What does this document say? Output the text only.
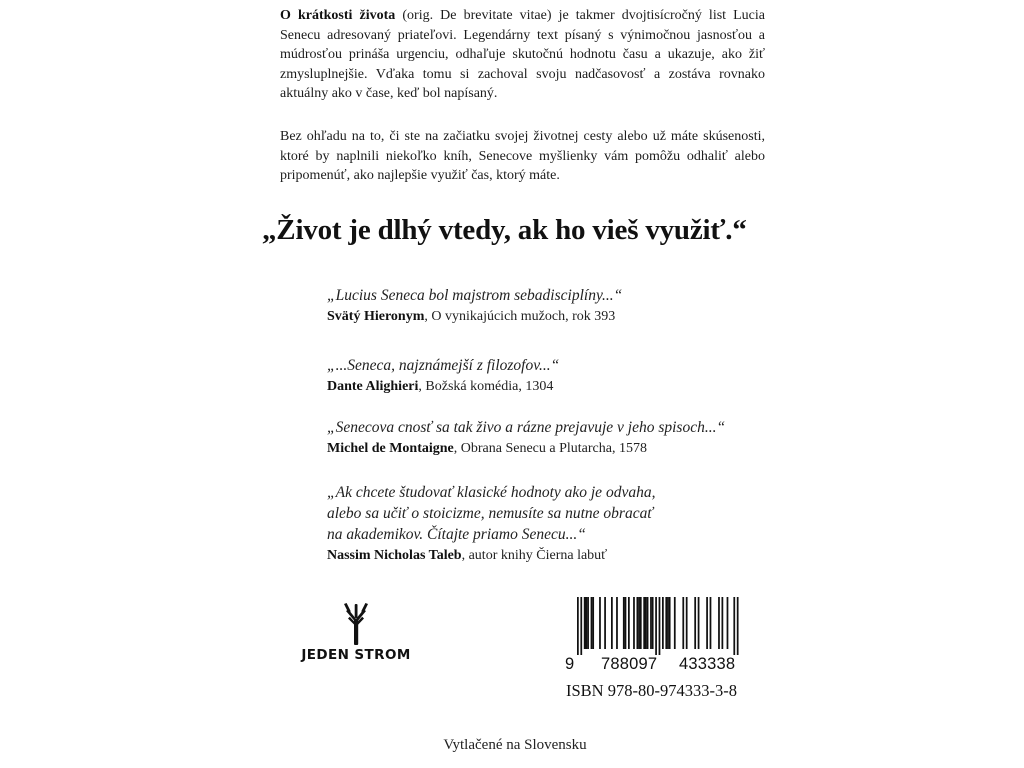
O krátkosti života (orig. De brevitate vitae) je takmer dvojtisícročný list Lucia Senecu adresovaný priateľovi. Legendárny text písaný s výnimočnou jasnosťou a múdrosťou prináša urgenciu, odhaľuje skutočnú hodnotu času a ukazuje, ako žiť zmysluplnejšie. Vďaka tomu si zachoval svoju nadčasovosť a zostáva rovnako aktuálny ako v čase, keď bol napísaný.

Bez ohľadu na to, či ste na začiatku svojej životnej cesty alebo už máte skúsenosti, ktoré by naplnili niekoľko kníh, Senecove myšlienky vám pomôžu odhaliť alebo pripomenúť, ako najlepšie využiť čas, ktorý máte.

„Život je dlhý vtedy, ak ho vieš využiť.“

„Lucius Seneca bol majstrom sebadisciplíny...“

Svätý Hieronym, O vynikajúcich mužoch, rok 393

„...Seneca, najznámejší z filozofov...“

Dante Alighieri, Božská komédia, 1304

„Senecova cnosť sa tak živo a rázne prejavuje v jeho spisoch...“

Michel de Montaigne, Obrana Senecu a Plutarcha, 1578

„Ak chcete študovať klasické hodnoty ako je odvaha,
alebo sa učiť o stoicizme, nemusíte sa nutne obracať
na akademikov. Čítajte priamo Senecu...“

Nassim Nicholas Taleb, autor knihy Čierna labuť

JEDEN STROM	9 788097 433338
ISBN 978-80-974333-3-8

Vytlačené na Slovensku
